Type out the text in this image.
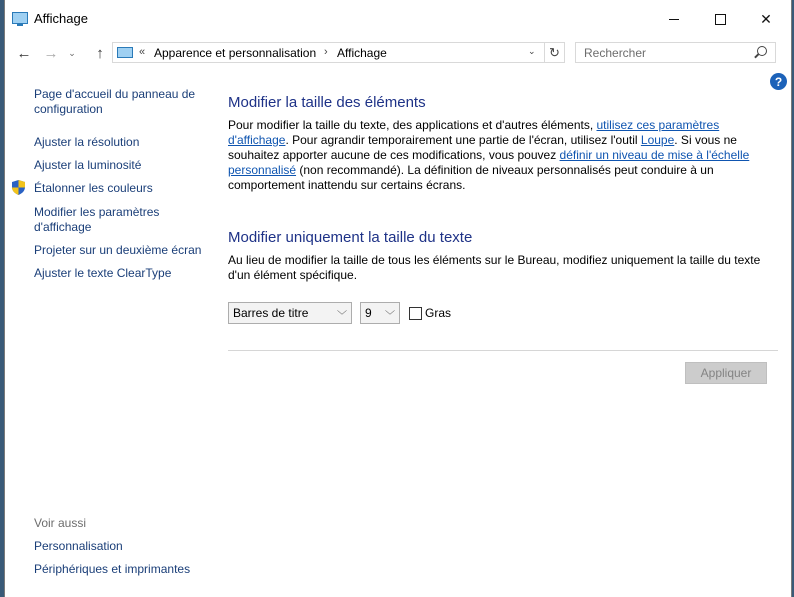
Affichage	✕
← →	⌄	↑	« Apparence et personnalisation › Affichage	⌄	↻
Rechercher
?
Page d'accueil du panneau de configuration
Ajuster la résolution
Ajuster la luminosité
Étalonner les couleurs
Modifier les paramètres d'affichage
Projeter sur un deuxième écran
Ajuster le texte ClearType
Voir aussi
Personnalisation
Périphériques et imprimantes
Modifier la taille des éléments
Pour modifier la taille du texte, des applications et d'autres éléments, utilisez ces paramètres d'affichage. Pour agrandir temporairement une partie de l'écran, utilisez l'outil Loupe. Si vous ne souhaitez apporter aucune de ces modifications, vous pouvez définir un niveau de mise à l'échelle personnalisé (non recommandé). La définition de niveaux personnalisés peut conduire à un comportement inattendu sur certains écrans.
Modifier uniquement la taille du texte
Au lieu de modifier la taille de tous les éléments sur le Bureau, modifiez uniquement la taille du texte d'un élément spécifique.
Barres de titre	﹀ 9 ﹀	Gras
Appliquer
